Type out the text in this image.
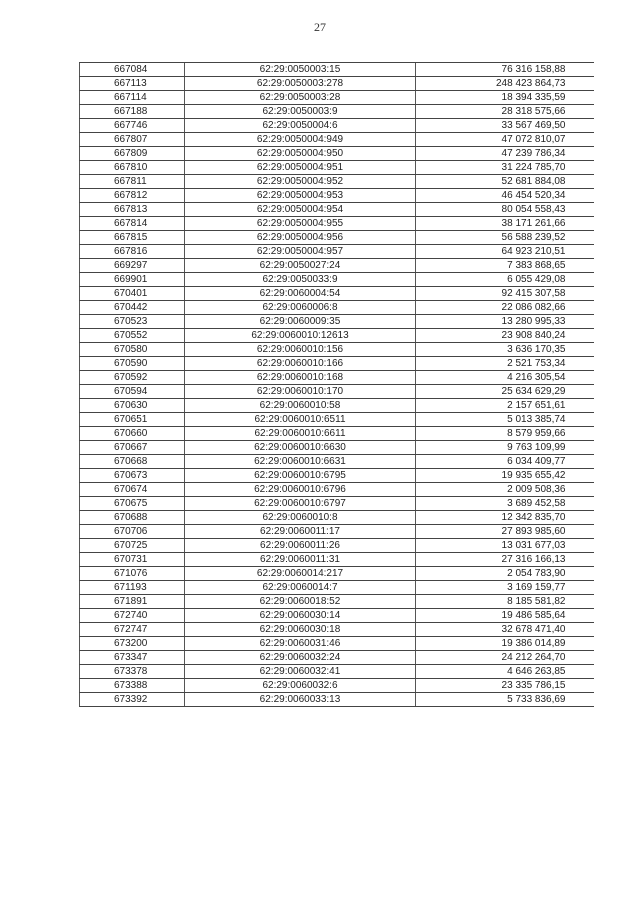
27
667084	62:29:0050003:15	76 316 158,88
667113	62:29:0050003:278	248 423 864,73
667114	62:29:0050003:28	18 394 335,59
667188	62:29:0050003:9	28 318 575,66
667746	62:29:0050004:6	33 567 469,50
667807	62:29:0050004:949	47 072 810,07
667809	62:29:0050004:950	47 239 786,34
667810	62:29:0050004:951	31 224 785,70
667811	62:29:0050004:952	52 681 884,08
667812	62:29:0050004:953	46 454 520,34
667813	62:29:0050004:954	80 054 558,43
667814	62:29:0050004:955	38 171 261,66
667815	62:29:0050004:956	56 588 239,52
667816	62:29:0050004:957	64 923 210,51
669297	62:29:0050027:24	7 383 868,65
669901	62:29:0050033:9	6 055 429,08
670401	62:29:0060004:54	92 415 307,58
670442	62:29:0060006:8	22 086 082,66
670523	62:29:0060009:35	13 280 995,33
670552	62:29:0060010:12613	23 908 840,24
670580	62:29:0060010:156	3 636 170,35
670590	62:29:0060010:166	2 521 753,34
670592	62:29:0060010:168	4 216 305,54
670594	62:29:0060010:170	25 634 629,29
670630	62:29:0060010:58	2 157 651,61
670651	62:29:0060010:6511	5 013 385,74
670660	62:29:0060010:6611	8 579 959,66
670667	62:29:0060010:6630	9 763 109,99
670668	62:29:0060010:6631	6 034 409,77
670673	62:29:0060010:6795	19 935 655,42
670674	62:29:0060010:6796	2 009 508,36
670675	62:29:0060010:6797	3 689 452,58
670688	62:29:0060010:8	12 342 835,70
670706	62:29:0060011:17	27 893 985,60
670725	62:29:0060011:26	13 031 677,03
670731	62:29:0060011:31	27 316 166,13
671076	62:29:0060014:217	2 054 783,90
671193	62:29:0060014:7	3 169 159,77
671891	62:29:0060018:52	8 185 581,82
672740	62:29:0060030:14	19 486 585,64
672747	62:29:0060030:18	32 678 471,40
673200	62:29:0060031:46	19 386 014,89
673347	62:29:0060032:24	24 212 264,70
673378	62:29:0060032:41	4 646 263,85
673388	62:29:0060032:6	23 335 786,15
673392	62:29:0060033:13	5 733 836,69
